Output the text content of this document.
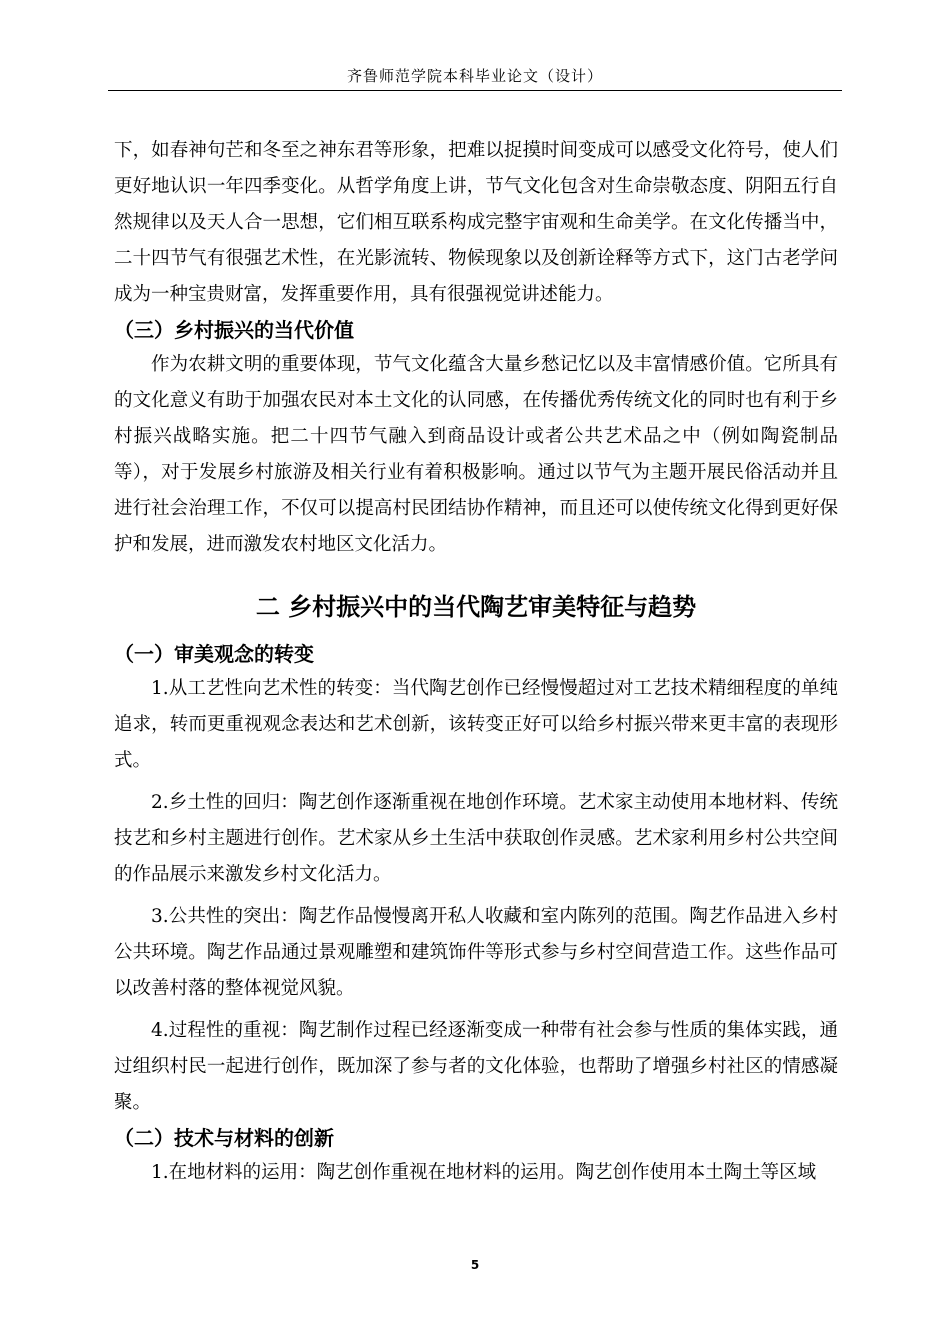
齐鲁师范学院本科毕业论文（设计）

下，如春神句芒和冬至之神东君等形象，把难以捉摸时间变成可以感受文化符号，使人们更好地认识一年四季变化。从哲学角度上讲，节气文化包含对生命崇敬态度、阴阳五行自然规律以及天人合一思想，它们相互联系构成完整宇宙观和生命美学。在文化传播当中，二十四节气有很强艺术性，在光影流转、物候现象以及创新诠释等方式下，这门古老学问成为一种宝贵财富，发挥重要作用，具有很强视觉讲述能力。

（三）乡村振兴的当代价值

作为农耕文明的重要体现，节气文化蕴含大量乡愁记忆以及丰富情感价值。它所具有的文化意义有助于加强农民对本土文化的认同感，在传播优秀传统文化的同时也有利于乡村振兴战略实施。把二十四节气融入到商品设计或者公共艺术品之中（例如陶瓷制品等），对于发展乡村旅游及相关行业有着积极影响。通过以节气为主题开展民俗活动并且进行社会治理工作，不仅可以提高村民团结协作精神，而且还可以使传统文化得到更好保护和发展，进而激发农村地区文化活力。

二 乡村振兴中的当代陶艺审美特征与趋势
（一）审美观念的转变

1.从工艺性向艺术性的转变：当代陶艺创作已经慢慢超过对工艺技术精细程度的单纯追求，转而更重视观念表达和艺术创新，该转变正好可以给乡村振兴带来更丰富的表现形式。

2.乡土性的回归：陶艺创作逐渐重视在地创作环境。艺术家主动使用本地材料、传统技艺和乡村主题进行创作。艺术家从乡土生活中获取创作灵感。艺术家利用乡村公共空间的作品展示来激发乡村文化活力。

3.公共性的突出：陶艺作品慢慢离开私人收藏和室内陈列的范围。陶艺作品进入乡村公共环境。陶艺作品通过景观雕塑和建筑饰件等形式参与乡村空间营造工作。这些作品可以改善村落的整体视觉风貌。

4.过程性的重视：陶艺制作过程已经逐渐变成一种带有社会参与性质的集体实践，通过组织村民一起进行创作，既加深了参与者的文化体验，也帮助了增强乡村社区的情感凝聚。

（二）技术与材料的创新

1.在地材料的运用：陶艺创作重视在地材料的运用。陶艺创作使用本土陶土等区域

5
